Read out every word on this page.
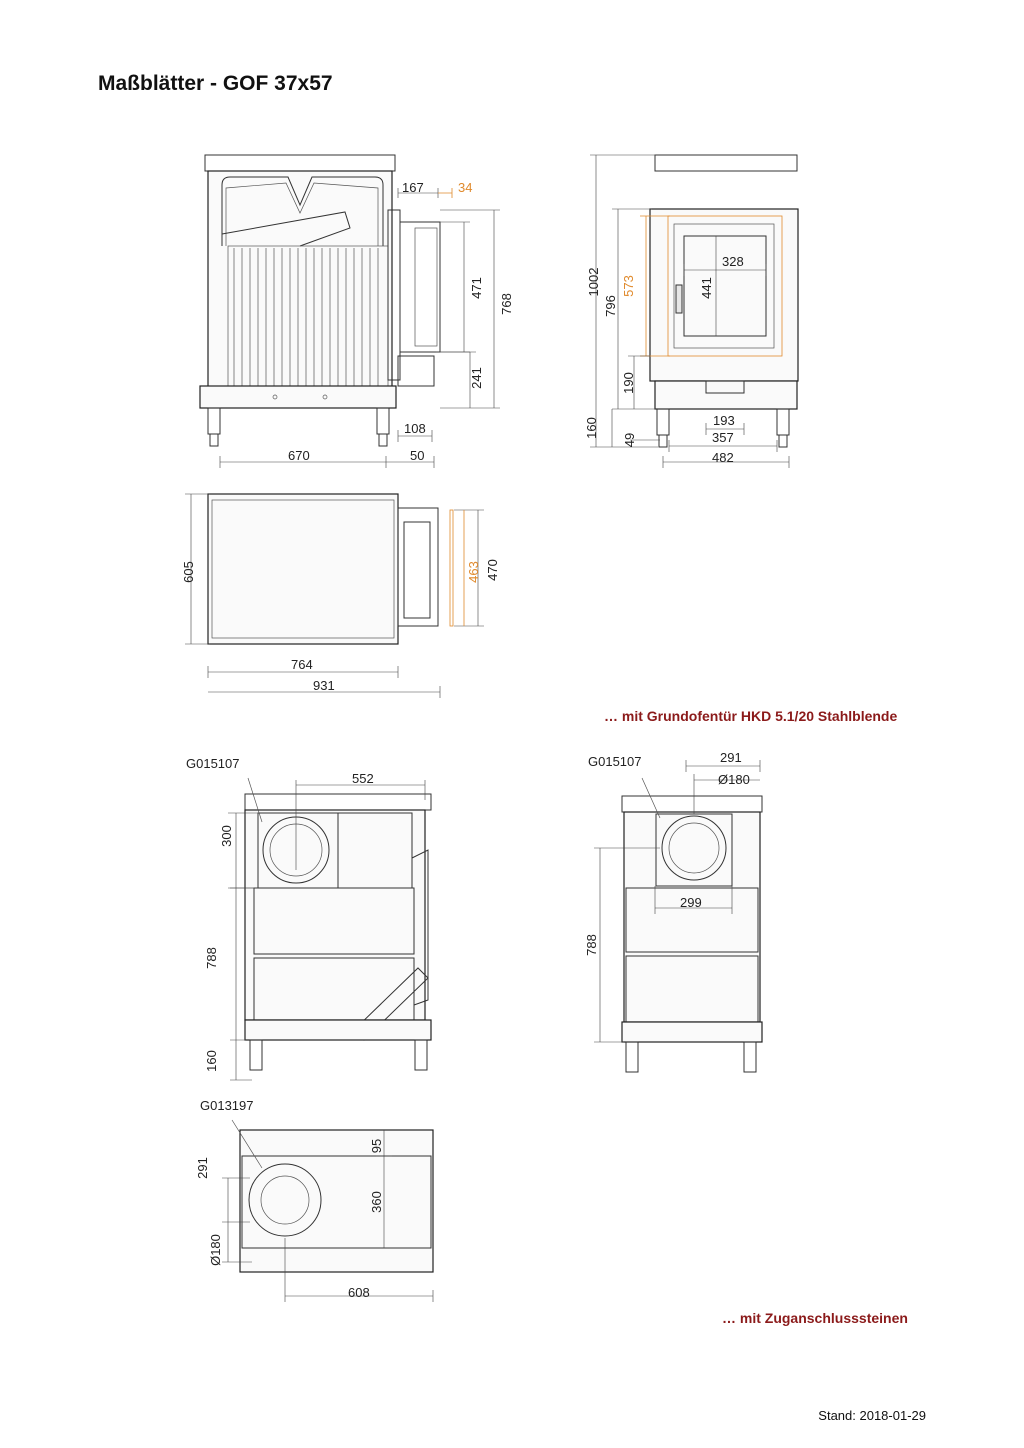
Maßblätter - GOF 37x57
167	34
471
768
241
108
670	50
1002
796
573
190
160
49
328
441
193
357
482
605	463 470
764
931
G015107
552
300
788
160
G015107	291
Ø180
299
788
G013197
95
291
360
Ø180
608
… mit Grundofentür HKD 5.1/20 Stahlblende
… mit Zuganschlusssteinen
Stand: 2018-01-29
